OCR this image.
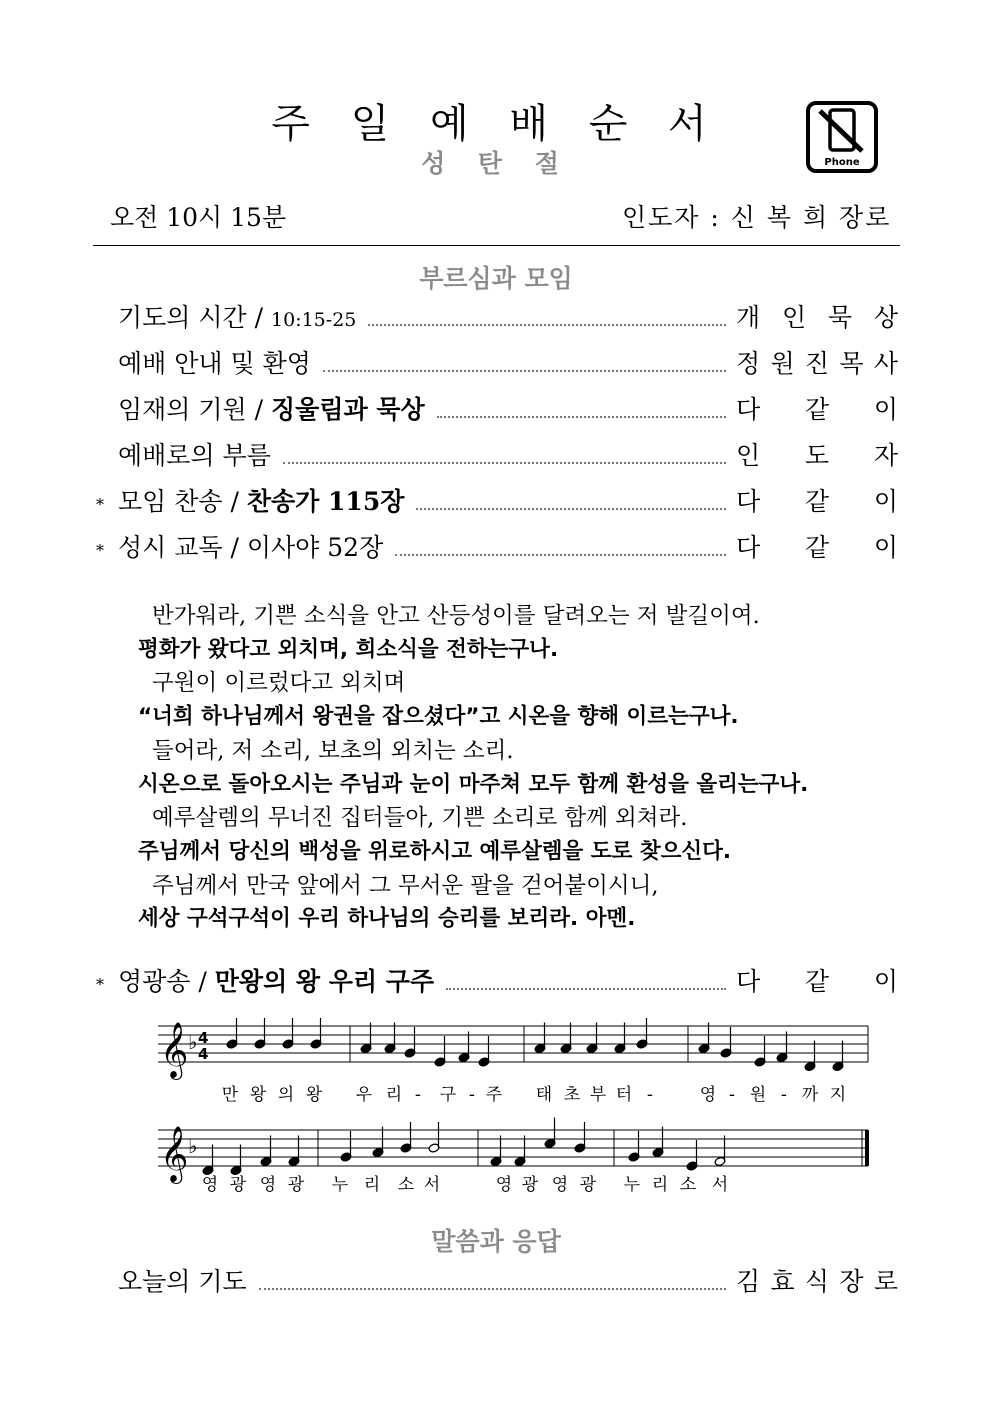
주 일 예 배 순 서
성 탄 절	Phone
오전 10시 15분	인도자 : 신 복 희 장로
부르심과 모임
기도의 시간 / 10:15-25	개 인 묵 상
예배 안내 및 환영	정 원 진 목 사
임재의 기원 / 징울림과 묵상	다 같 이
예배로의 부름	인 도 자
* 모임 찬송 / 찬송가 115장	다 같 이
* 성시 교독 / 이사야 52장	다 같 이
반가워라, 기쁜 소식을 안고 산등성이를 달려오는 저 발길이여.
평화가 왔다고 외치며, 희소식을 전하는구나.
구원이 이르렀다고 외치며
“너희 하나님께서 왕권을 잡으셨다”고 시온을 향해 이르는구나.
들어라, 저 소리, 보초의 외치는 소리.
시온으로 돌아오시는 주님과 눈이 마주쳐 모두 함께 환성을 올리는구나.
예루살렘의 무너진 집터들아, 기쁜 소리로 함께 외쳐라.
주님께서 당신의 백성을 위로하시고 예루살렘을 도로 찾으신다.
주님께서 만국 앞에서 그 무서운 팔을 걷어붙이시니,
세상 구석구석이 우리 하나님의 승리를 보리라. 아멘.
* 영광송 / 만왕의 왕 우리 구주	다 같 이
𝄞 ♭
𝄞 ♭
4
4
만 왕 의 왕 우 리 - 구 - 주 태 초 부 터 -	영 - 원 - 까 지
영 광 영 광 누 리 소 서	영 광 영 광 누 리 소 서
말씀과 응답
오늘의 기도	김 효 식 장 로
